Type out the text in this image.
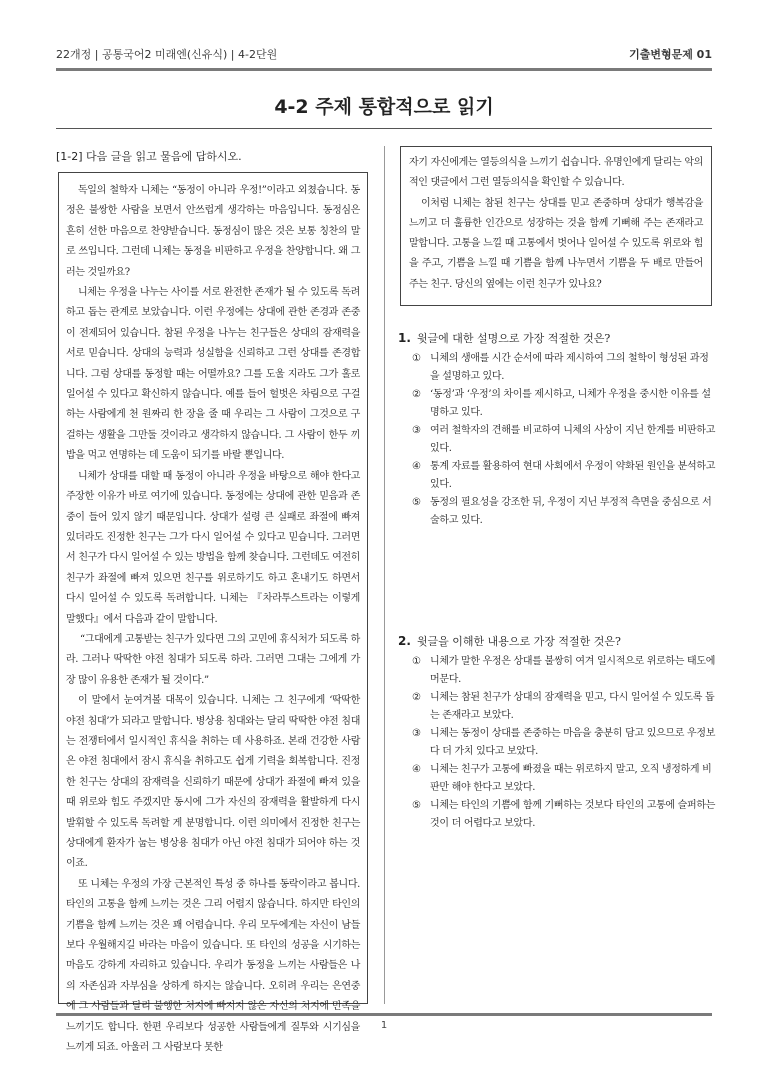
22개정 | 공통국어2 미래엔(신유식) | 4-2단원	기출변형문제 01
4-2 주제 통합적으로 읽기
[1-2] 다음 글을 읽고 물음에 답하시오.

독일의 철학자 니체는 “동정이 아니라 우정!”이라고 외쳤습니다. 동정은 불쌍한 사람을 보면서 안쓰럽게 생각하는 마음입니다. 동정심은 흔히 선한 마음으로 찬양받습니다. 동정심이 많은 것은 보통 칭찬의 말로 쓰입니다. 그런데 니체는 동정을 비판하고 우정을 찬양합니다. 왜 그러는 것일까요?

니체는 우정을 나누는 사이를 서로 완전한 존재가 될 수 있도록 독려하고 돕는 관계로 보았습니다. 이런 우정에는 상대에 관한 존경과 존중이 전제되어 있습니다. 참된 우정을 나누는 친구들은 상대의 잠재력을 서로 믿습니다. 상대의 능력과 성실함을 신뢰하고 그런 상대를 존경합니다. 그럼 상대를 동정할 때는 어떨까요? 그를 도울 지라도 그가 홀로 일어설 수 있다고 확신하지 않습니다. 예를 들어 헐벗은 차림으로 구걸하는 사람에게 천 원짜리 한 장을 줄 때 우리는 그 사람이 그것으로 구걸하는 생활을 그만둘 것이라고 생각하지 않습니다. 그 사람이 한두 끼 밥을 먹고 연명하는 데 도움이 되기를 바랄 뿐입니다.

니체가 상대를 대할 때 동정이 아니라 우정을 바탕으로 해야 한다고 주장한 이유가 바로 여기에 있습니다. 동정에는 상대에 관한 믿음과 존중이 들어 있지 않기 때문입니다. 상대가 설령 큰 실패로 좌절에 빠져 있더라도 진정한 친구는 그가 다시 일어설 수 있다고 믿습니다. 그러면서 친구가 다시 일어설 수 있는 방법을 함께 찾습니다. 그런데도 여전히 친구가 좌절에 빠져 있으면 친구를 위로하기도 하고 혼내기도 하면서 다시 일어설 수 있도록 독려합니다. 니체는 『차라투스트라는 이렇게 말했다』에서 다음과 같이 말합니다.

“그대에게 고통받는 친구가 있다면 그의 고민에 휴식처가 되도록 하라. 그러나 딱딱한 야전 침대가 되도록 하라. 그러면 그대는 그에게 가장 많이 유용한 존재가 될 것이다.”

이 말에서 눈여겨볼 대목이 있습니다. 니체는 그 친구에게 ‘딱딱한 야전 침대’가 되라고 말합니다. 병상용 침대와는 달리 딱딱한 야전 침대는 전쟁터에서 일시적인 휴식을 취하는 데 사용하죠. 본래 건강한 사람은 야전 침대에서 잠시 휴식을 취하고도 쉽게 기력을 회복합니다. 진정한 친구는 상대의 잠재력을 신뢰하기 때문에 상대가 좌절에 빠져 있을 때 위로와 힘도 주겠지만 동시에 그가 자신의 잠재력을 활발하게 다시 발휘할 수 있도록 독려할 게 분명합니다. 이런 의미에서 진정한 친구는 상대에게 환자가 눕는 병상용 침대가 아닌 야전 침대가 되어야 하는 것이죠.

또 니체는 우정의 가장 근본적인 특성 중 하나를 동락이라고 봅니다. 타인의 고통을 함께 느끼는 것은 그리 어렵지 않습니다. 하지만 타인의 기쁨을 함께 느끼는 것은 꽤 어렵습니다. 우리 모두에게는 자신이 남들보다 우월해지길 바라는 마음이 있습니다. 또 타인의 성공을 시기하는 마음도 강하게 자리하고 있습니다. 우리가 동정을 느끼는 사람들은 나의 자존심과 자부심을 상하게 하지는 않습니다. 오히려 우리는 은연중에 그 사람들과 달리 불행한 처지에 빠지지 않은 자신의 처지에 만족을 느끼기도 합니다. 한편 우리보다 성공한 사람들에게 질투와 시기심을 느끼게 되죠. 아울러 그 사람보다 못한

자기 자신에게는 열등의식을 느끼기 쉽습니다. 유명인에게 달리는 악의적인 댓글에서 그런 열등의식을 확인할 수 있습니다.

이처럼 니체는 참된 친구는 상대를 믿고 존중하며 상대가 행복감을 느끼고 더 훌륭한 인간으로 성장하는 것을 함께 기뻐해 주는 존재라고 말합니다. 고통을 느낄 때 고통에서 벗어나 일어설 수 있도록 위로와 힘을 주고, 기쁨을 느낄 때 기쁨을 함께 나누면서 기쁨을 두 배로 만들어 주는 친구. 당신의 옆에는 이런 친구가 있나요?

1. 윗글에 대한 설명으로 가장 적절한 것은?
① 니체의 생애를 시간 순서에 따라 제시하여 그의 철학이 형성된 과정을 설명하고 있다.
② ‘동정’과 ‘우정’의 차이를 제시하고, 니체가 우정을 중시한 이유를 설명하고 있다.
③ 여러 철학자의 견해를 비교하여 니체의 사상이 지닌 한계를 비판하고 있다.
④ 통계 자료를 활용하여 현대 사회에서 우정이 약화된 원인을 분석하고 있다.
⑤ 동정의 필요성을 강조한 뒤, 우정이 지닌 부정적 측면을 중심으로 서술하고 있다.
2. 윗글을 이해한 내용으로 가장 적절한 것은?
① 니체가 말한 우정은 상대를 불쌍히 여겨 일시적으로 위로하는 태도에 머문다.
② 니체는 참된 친구가 상대의 잠재력을 믿고, 다시 일어설 수 있도록 돕는 존재라고 보았다.
③ 니체는 동정이 상대를 존중하는 마음을 충분히 담고 있으므로 우정보다 더 가치 있다고 보았다.
④ 니체는 친구가 고통에 빠졌을 때는 위로하지 말고, 오직 냉정하게 비판만 해야 한다고 보았다.
⑤ 니체는 타인의 기쁨에 함께 기뻐하는 것보다 타인의 고통에 슬퍼하는 것이 더 어렵다고 보았다.
1
